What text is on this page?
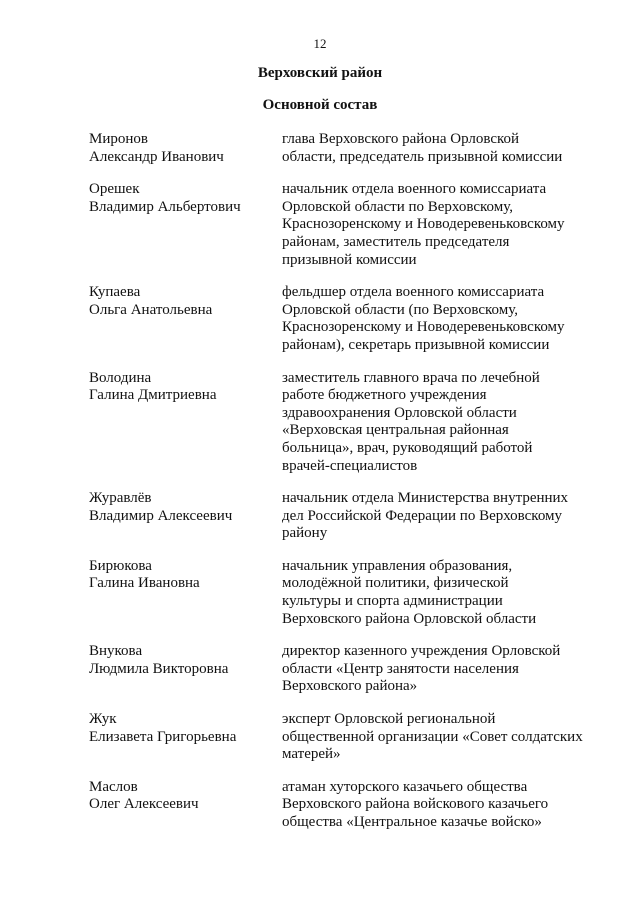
12
Верховский район
Основной состав
Миронов
Александр Иванович
глава Верховского района Орловской
области, председатель призывной комиссии
Орешек
Владимир Альбертович
начальник отдела военного комиссариата
Орловской области по Верховскому,
Краснозоренскому и Новодеревеньковскому
районам, заместитель председателя
призывной комиссии
Купаева
Ольга Анатольевна
фельдшер отдела военного комиссариата
Орловской области (по Верховскому,
Краснозоренскому и Новодеревеньковскому
районам), секретарь призывной комиссии
Володина
Галина Дмитриевна
заместитель главного врача по лечебной
работе бюджетного учреждения
здравоохранения Орловской области
«Верховская центральная районная
больница», врач, руководящий работой
врачей-специалистов
Журавлёв
Владимир Алексеевич
начальник отдела Министерства внутренних
дел Российской Федерации по Верховскому
району
Бирюкова
Галина Ивановна
начальник управления образования,
молодёжной политики, физической
культуры и спорта администрации
Верховского района Орловской области
Внукова
Людмила Викторовна
директор казенного учреждения Орловской
области «Центр занятости населения
Верховского района»
Жук
Елизавета Григорьевна
эксперт Орловской региональной
общественной организации «Совет солдатских
матерей»
Маслов
Олег Алексеевич
атаман хуторского казачьего общества
Верховского района войскового казачьего
общества «Центральное казачье войско»
